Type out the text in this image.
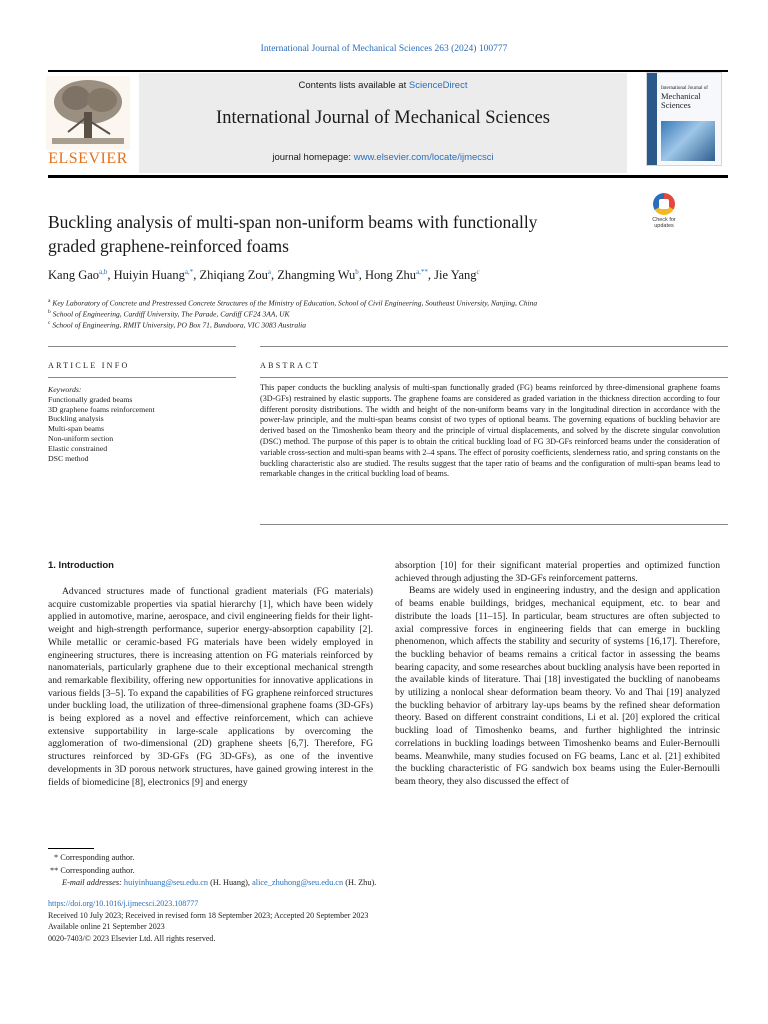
International Journal of Mechanical Sciences 263 (2024) 100777
ELSEVIER
Contents lists available at ScienceDirect
International Journal of Mechanical Sciences
journal homepage: www.elsevier.com/locate/ijmecsci
International Journal of
Mechanical
Sciences
Check for
updates
Buckling analysis of multi-span non-uniform beams with functionally
graded graphene-reinforced foams
Kang Gao$^{a,b}$, Huiyin Huang$^{a,*}$, Zhiqiang Zou$^a$, Zhangming Wu$^b$, Hong Zhu$^{a,**}$, Jie Yang$^c$
$^a$ Key Laboratory of Concrete and Prestressed Concrete Structures of the Ministry of Education, School of Civil Engineering, Southeast University, Nanjing, China
$^b$ School of Engineering, Cardiff University, The Parade, Cardiff CF24 3AA, UK
$^c$ School of Engineering, RMIT University, PO Box 71, Bundoora, VIC 3083 Australia
ARTICLE INFO	ABSTRACT
Keywords:
Functionally graded beams
3D graphene foams reinforcement
Buckling analysis
Multi-span beams
Non-uniform section
Elastic constrained
DSC method
This paper conducts the buckling analysis of multi-span functionally graded (FG) beams reinforced by three-dimensional graphene foams (3D-GFs) restrained by elastic supports. The graphene foams are considered as graded variation in the thickness direction according to four different porosity distributions. The width and height of the non-uniform beams vary in the longitudinal direction in accordance with the power-law principle, and the multi-span beams consist of two types of optional beams. The governing equations of buckling behavior are derived based on the Timoshenko beam theory and the principle of virtual displacements, and solved by the discrete singular convolution (DSC) method. The purpose of this paper is to obtain the critical buckling load of FG 3D-GFs reinforced beams under the consideration of variable cross-section and multi-span beams with 2–4 spans. The effect of porosity coefficients, slenderness ratio, and spring constants on the buckling characteristic also are studied. The results suggest that the taper ratio of beams and the configuration of multi-span beams lead to remarkable changes in the critical buckling load of beams.
1. Introduction

Advanced structures made of functional gradient materials (FG materials) acquire customizable properties via spatial hierarchy [1], which have been widely applied in automotive, marine, aerospace, and civil engineering fields for their light-weight and high-strength performance, superior energy-absorption capability [2]. While metallic or ceramic-based FG materials have been widely employed in engineering structures, there is increasing attention on FG materials reinforced by nanomaterials, particularly graphene due to their exceptional mechanical strength and remarkable flexibility, offering new opportunities for innovative applications in various fields [3–5]. To expand the capabilities of FG graphene reinforced structures under buckling load, the utilization of three-dimensional graphene foams (3D-GFs) is being explored as a novel and effective reinforcement, which can achieve extensive supportability in large-scale applications by overcoming the agglomeration of two-dimensional (2D) graphene sheets [6,7]. Therefore, FG structures reinforced by 3D-GFs (FG 3D-GFs), as one of the inventive developments in 3D porous network structures, have gained growing interest in the fields of biomedicine [8], electronics [9] and energy

absorption [10] for their significant material properties and optimized function achieved through adjusting the 3D-GFs reinforcement patterns.

Beams are widely used in engineering industry, and the design and application of beams enable buildings, bridges, mechanical equipment, etc. to bear and distribute the loads [11–15]. In particular, beam structures are often subjected to axial compressive forces in engineering fields that can emerge in buckling phenomenon, which affects the stability and security of systems [16,17]. Therefore, the buckling behavior of beams remains a critical factor in assessing the beams bearing capacity, and some researches about buckling analysis have been reported in the available kinds of literature. Thai [18] investigated the buckling of nanobeams by utilizing a nonlocal shear deformation beam theory. Vo and Thai [19] analyzed the buckling behavior of arbitrary lay-ups beams by the refined shear deformation theory. Based on different constraint conditions, Li et al. [20] explored the critical buckling load of Timoshenko beams, and further highlighted the intrinsic correlations in buckling loadings between Timoshenko beams and Euler-Bernoulli beams. Meanwhile, many studies focused on FG beams, Lanc et al. [21] exhibited the buckling characteristic of FG sandwich box beams using the Euler-Bernoulli beam theory, they also discussed the effect of

* Corresponding author.
** Corresponding author.
E-mail addresses: huiyinhuang@seu.edu.cn (H. Huang), alice_zhuhong@seu.edu.cn (H. Zhu).
https://doi.org/10.1016/j.ijmecsci.2023.108777
Received 10 July 2023; Received in revised form 18 September 2023; Accepted 20 September 2023
Available online 21 September 2023
0020-7403/© 2023 Elsevier Ltd. All rights reserved.
